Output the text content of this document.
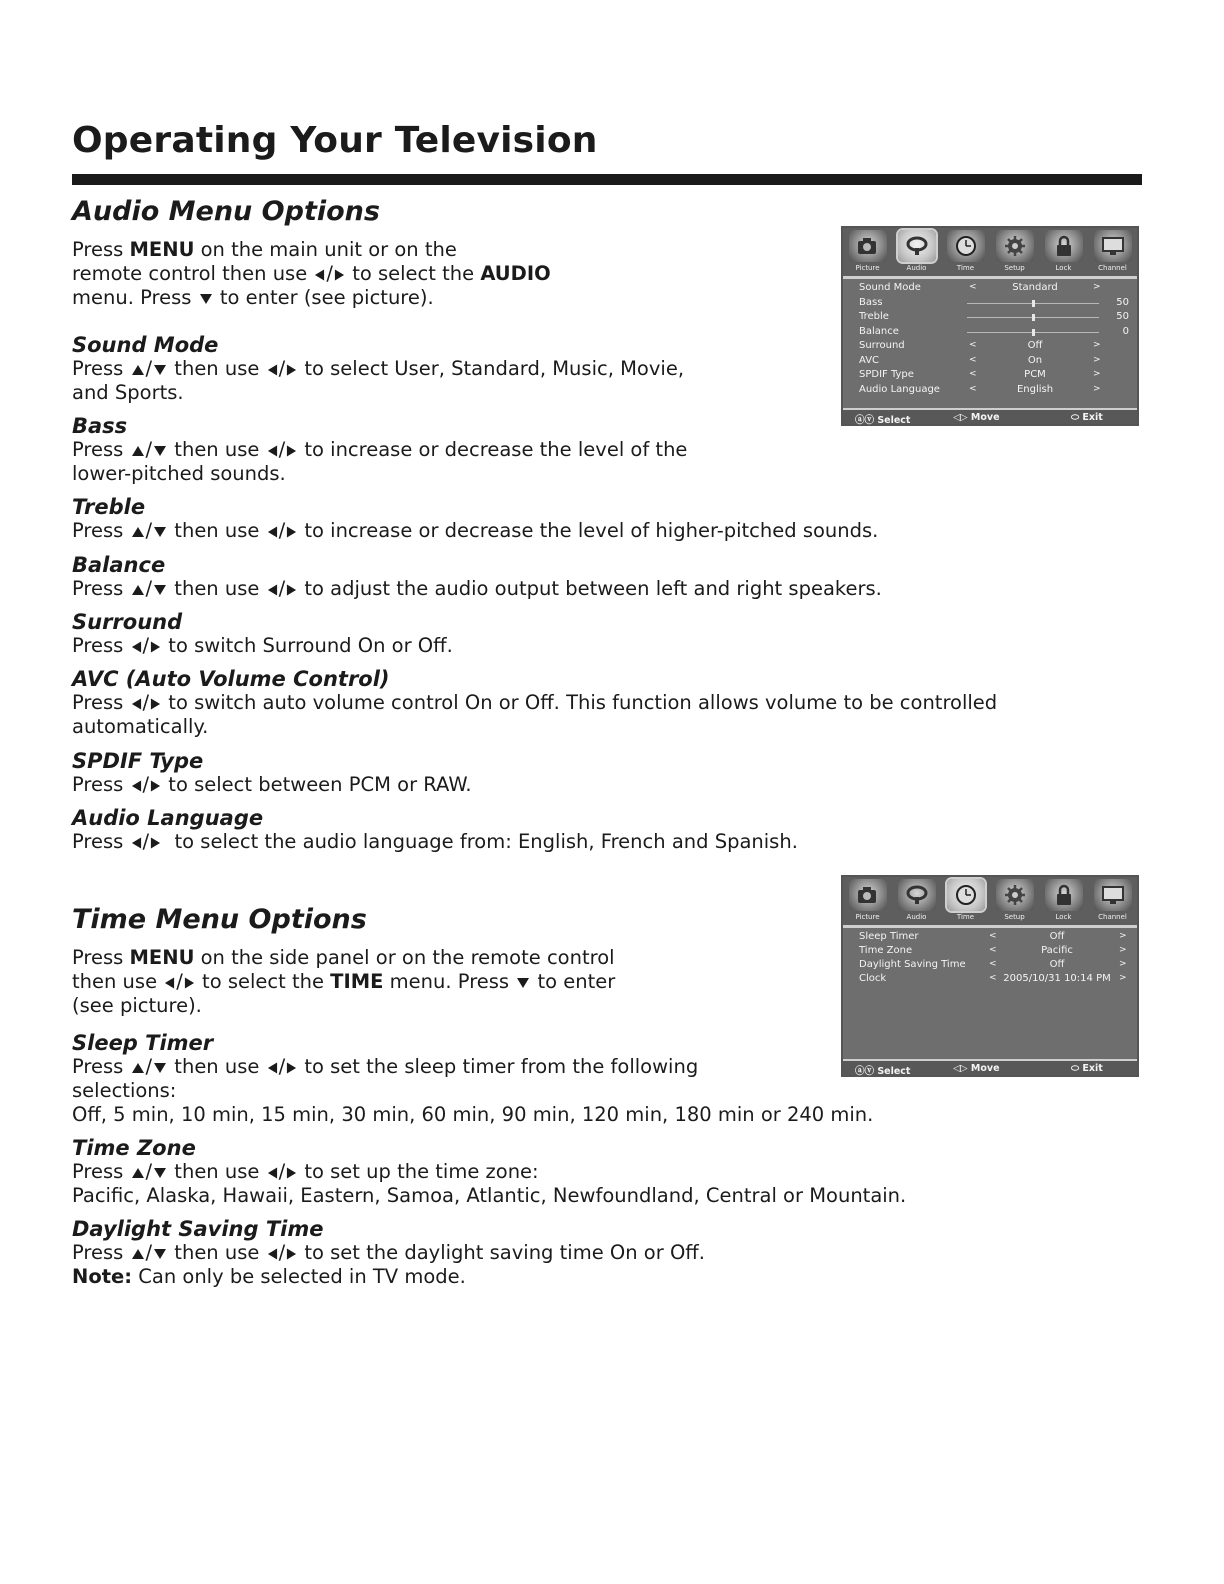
Operating Your Television
Audio Menu Options
Press MENU on the main unit or on the
remote control then use / to select the AUDIO
menu. Press  to enter (see picture).
Sound Mode
Press / then use / to select User, Standard, Music, Movie,
and Sports.
Bass
Press / then use / to increase or decrease the level of the
lower-pitched sounds.
Treble
Press / then use / to increase or decrease the level of higher-pitched sounds.
Balance
Press / then use / to adjust the audio output between left and right speakers.
Surround
Press / to switch Surround On or Off.
AVC (Auto Volume Control)
Press / to switch auto volume control On or Off. This function allows volume to be controlled
automatically.
SPDIF Type
Press / to select between PCM or RAW.
Audio Language
Press /  to select the audio language from: English, French and Spanish.
Picture	Audio	Time	Setup	Lock	Channel
Sound Mode	<	Standard	>
Bass	50
Treble	50
Balance	0
Surround	<	Off	>
AVC	<	On	>
SPDIF Type	<	PCM	>
Audio Language	<	English	>
ⓐⓥ Select	◁▷ Move	⬭ Exit
Time Menu Options
Press MENU on the side panel or on the remote control
then use / to select the TIME menu. Press  to enter
(see picture).
Sleep Timer
Press / then use / to set the sleep timer from the following
selections:
Off, 5 min, 10 min, 15 min, 30 min, 60 min, 90 min, 120 min, 180 min or 240 min.
Time Zone
Press / then use / to set up the time zone:
Pacific, Alaska, Hawaii, Eastern, Samoa, Atlantic, Newfoundland, Central or Mountain.
Daylight Saving Time
Press / then use / to set the daylight saving time On or Off.
Note: Can only be selected in TV mode.
Picture	Audio	Time	Setup	Lock	Channel
Sleep Timer	<	Off	>
Time Zone	<	Pacific	>
Daylight Saving Time	<	Off	>
Clock	< 2005/10/31 10:14 PM >
ⓐⓥ Select	◁▷ Move	⬭ Exit
